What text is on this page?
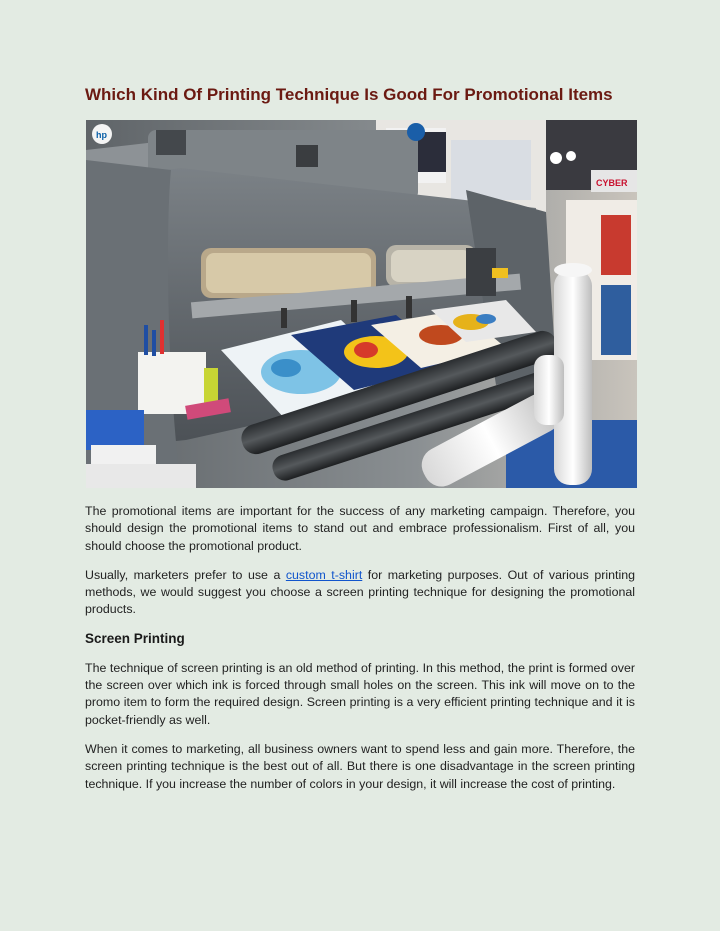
Which Kind Of Printing Technique Is Good For Promotional Items
CYBER
hp

The promotional items are important for the success of any marketing campaign. Therefore, you should design the promotional items to stand out and embrace professionalism. First of all, you should choose the promotional product.

Usually, marketers prefer to use a custom t-shirt for marketing purposes. Out of various printing methods, we would suggest you choose a screen printing technique for designing the promotional products.

Screen Printing

The technique of screen printing is an old method of printing. In this method, the print is formed over the screen over which ink is forced through small holes on the screen. This ink will move on to the promo item to form the required design. Screen printing is a very efficient printing technique and it is pocket-friendly as well.

When it comes to marketing, all business owners want to spend less and gain more. Therefore, the screen printing technique is the best out of all. But there is one disadvantage in the screen printing technique. If you increase the number of colors in your design, it will increase the cost of printing.
